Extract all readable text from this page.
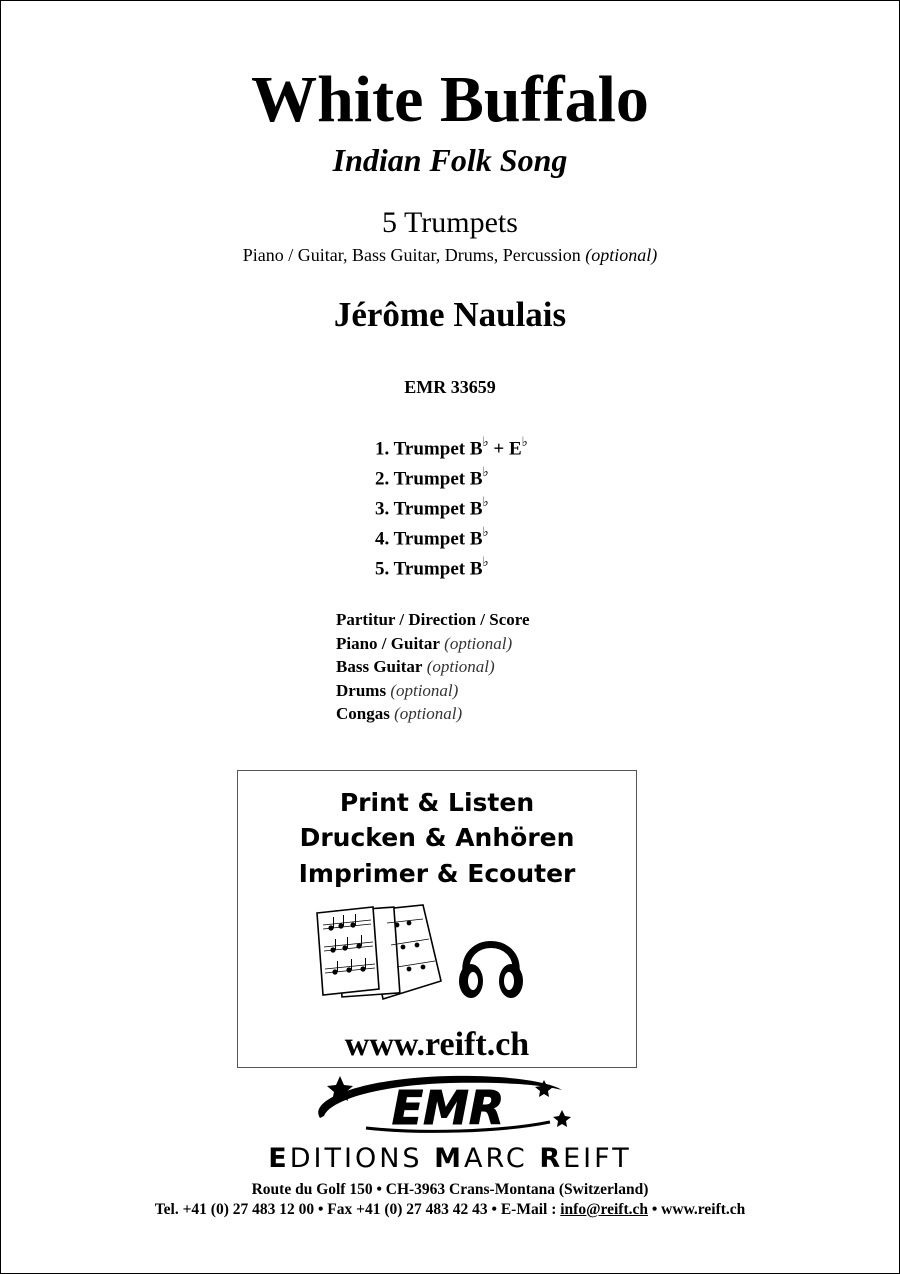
White Buffalo
Indian Folk Song
5 Trumpets
Piano / Guitar, Bass Guitar, Drums, Percussion (optional)
Jérôme Naulais
EMR 33659
1. Trumpet B♭ + E♭
2. Trumpet B♭
3. Trumpet B♭
4. Trumpet B♭
5. Trumpet B♭
Partitur / Direction / Score
Piano / Guitar (optional)
Bass Guitar (optional)
Drums (optional)
Congas (optional)
Print & Listen
Drucken & Anhören
Imprimer & Ecouter
www.reift.ch
EMR
EDITIONS MARC REIFT
Route du Golf 150 • CH-3963 Crans-Montana (Switzerland)
Tel. +41 (0) 27 483 12 00 • Fax +41 (0) 27 483 42 43 • E-Mail : info@reift.ch • www.reift.ch
